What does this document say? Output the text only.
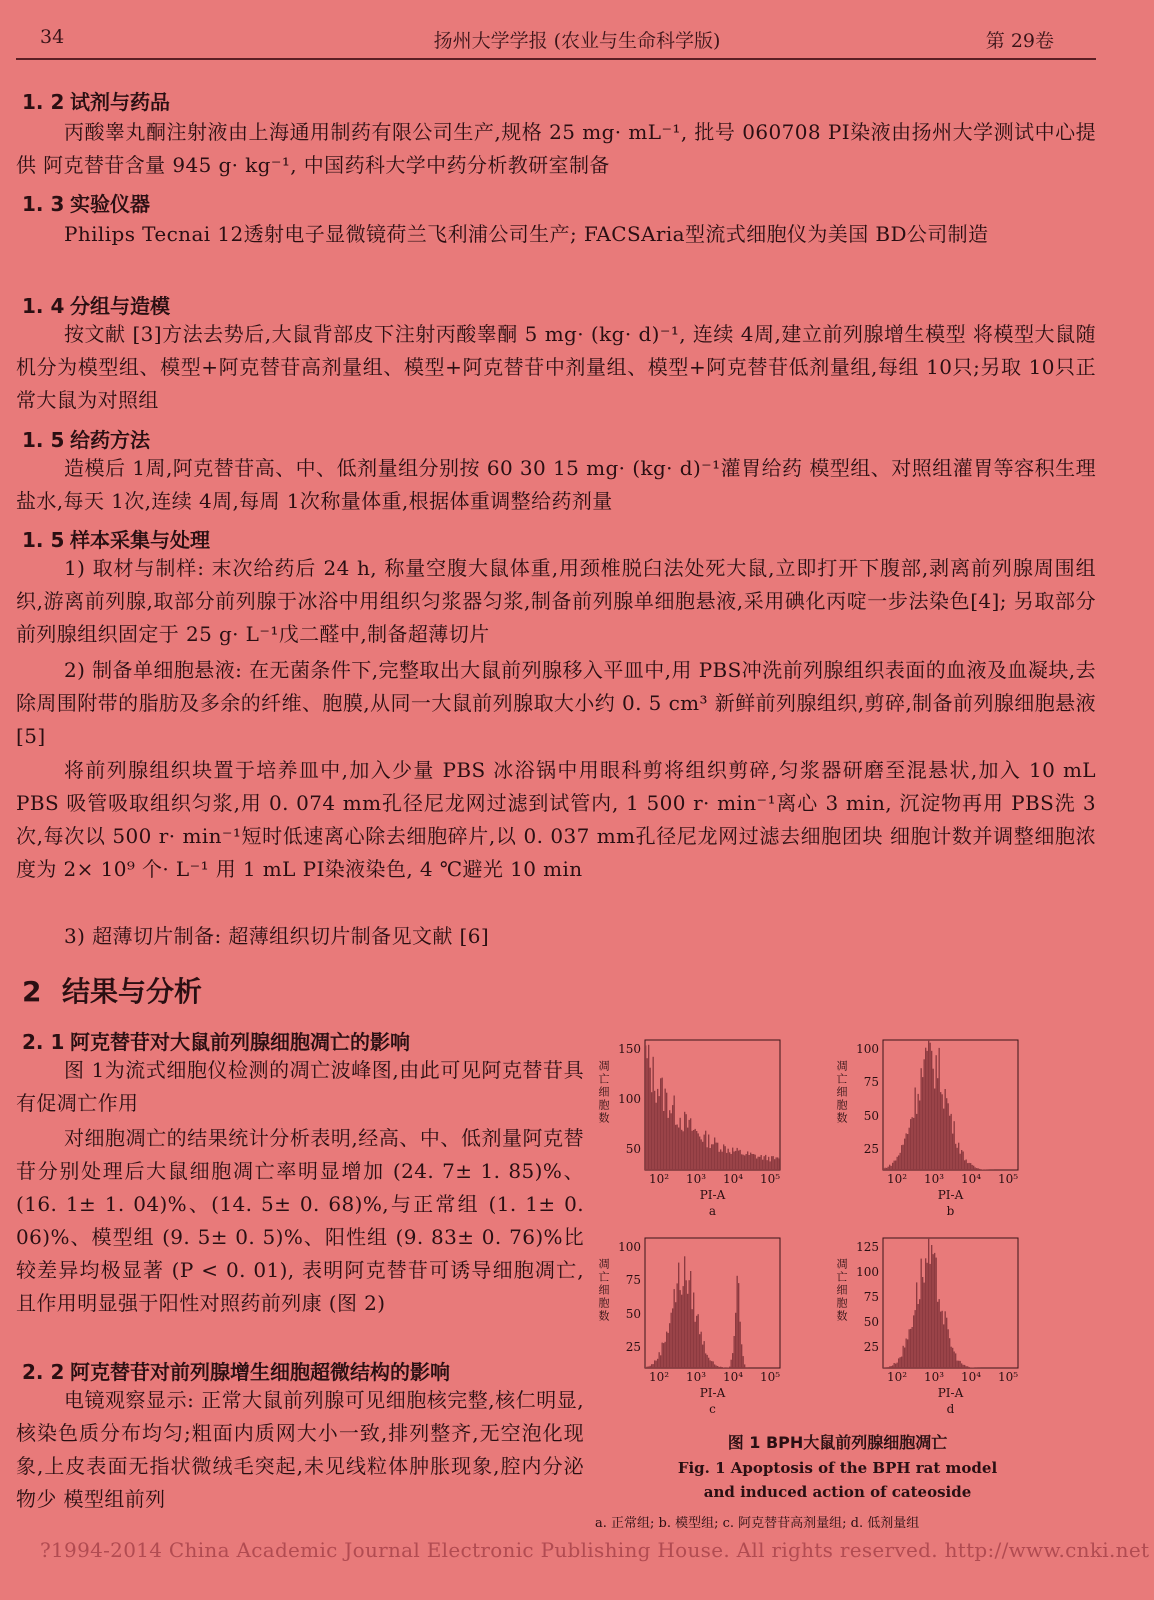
34	扬州大学学报 (农业与生命科学版)	第 29卷
1. 2 试剂与药品
丙酸睾丸酮注射液由上海通用制药有限公司生产,规格 25 mg· mL⁻¹, 批号 060708 PI染液由扬州大学测试中心提供 阿克替苷含量 945 g· kg⁻¹, 中国药科大学中药分析教研室制备
1. 3 实验仪器
Philips Tecnai 12透射电子显微镜荷兰飞利浦公司生产; FACSAria型流式细胞仪为美国 BD公司制造
1. 4 分组与造模
按文献 [3]方法去势后,大鼠背部皮下注射丙酸睾酮 5 mg· (kg· d)⁻¹, 连续 4周,建立前列腺增生模型 将模型大鼠随机分为模型组、模型+阿克替苷高剂量组、模型+阿克替苷中剂量组、模型+阿克替苷低剂量组,每组 10只;另取 10只正常大鼠为对照组
1. 5 给药方法
造模后 1周,阿克替苷高、中、低剂量组分别按 60 30 15 mg· (kg· d)⁻¹灌胃给药 模型组、对照组灌胃等容积生理盐水,每天 1次,连续 4周,每周 1次称量体重,根据体重调整给药剂量
1. 5 样本采集与处理
1) 取材与制样: 末次给药后 24 h, 称量空腹大鼠体重,用颈椎脱臼法处死大鼠,立即打开下腹部,剥离前列腺周围组织,游离前列腺,取部分前列腺于冰浴中用组织匀浆器匀浆,制备前列腺单细胞悬液,采用碘化丙啶一步法染色[4]; 另取部分前列腺组织固定于 25 g· L⁻¹戊二醛中,制备超薄切片
2) 制备单细胞悬液: 在无菌条件下,完整取出大鼠前列腺移入平皿中,用 PBS冲洗前列腺组织表面的血液及血凝块,去除周围附带的脂肪及多余的纤维、胞膜,从同一大鼠前列腺取大小约 0. 5 cm³ 新鲜前列腺组织,剪碎,制备前列腺细胞悬液[5]
将前列腺组织块置于培养皿中,加入少量 PBS 冰浴锅中用眼科剪将组织剪碎,匀浆器研磨至混悬状,加入 10 mL PBS 吸管吸取组织匀浆,用 0. 074 mm孔径尼龙网过滤到试管内, 1 500 r· min⁻¹离心 3 min, 沉淀物再用 PBS洗 3次,每次以 500 r· min⁻¹短时低速离心除去细胞碎片,以 0. 037 mm孔径尼龙网过滤去细胞团块 细胞计数并调整细胞浓度为 2× 10⁹ 个· L⁻¹ 用 1 mL PI染液染色, 4 ℃避光 10 min
3) 超薄切片制备: 超薄组织切片制备见文献 [6]
2 结果与分析
2. 1 阿克替苷对大鼠前列腺细胞凋亡的影响
图 1为流式细胞仪检测的凋亡波峰图,由此可见阿克替苷具有促凋亡作用
对细胞凋亡的结果统计分析表明,经高、中、低剂量阿克替苷分别处理后大鼠细胞凋亡率明显增加 (24. 7± 1. 85)%、(16. 1± 1. 04)%、(14. 5± 0. 68)%,与正常组 (1. 1± 0. 06)%、模型组 (9. 5± 0. 5)%、阳性组 (9. 83± 0. 76)%比较差异均极显著 (P < 0. 01), 表明阿克替苷可诱导细胞凋亡,且作用明显强于阳性对照药前列康 (图 2)
2. 2 阿克替苷对前列腺增生细胞超微结构的影响
电镜观察显示: 正常大鼠前列腺可见细胞核完整,核仁明显,核染色质分布均匀;粗面内质网大小一致,排列整齐,无空泡化现象,上皮表面无指状微绒毛突起,未见线粒体肿胀现象,腔内分泌物少 模型组前列
凋亡细胞数
150
100
50
10² 10³ 10⁴ 10⁵
PI-A
a
凋亡细胞数
100
75
50
25
10² 10³ 10⁴ 10⁵
PI-A
b
凋亡细胞数
100
75
50
25
10² 10³ 10⁴ 10⁵
PI-A
c
凋亡细胞数
125
100
75
50
25
10² 10³ 10⁴ 10⁵
PI-A
d
图 1 BPH大鼠前列腺细胞凋亡
Fig. 1 Apoptosis of the BPH rat model
and induced action of cateoside
a. 正常组; b. 模型组; c. 阿克替苷高剂量组; d. 低剂量组
?1994-2014 China Academic Journal Electronic Publishing House. All rights reserved. http://www.cnki.net
